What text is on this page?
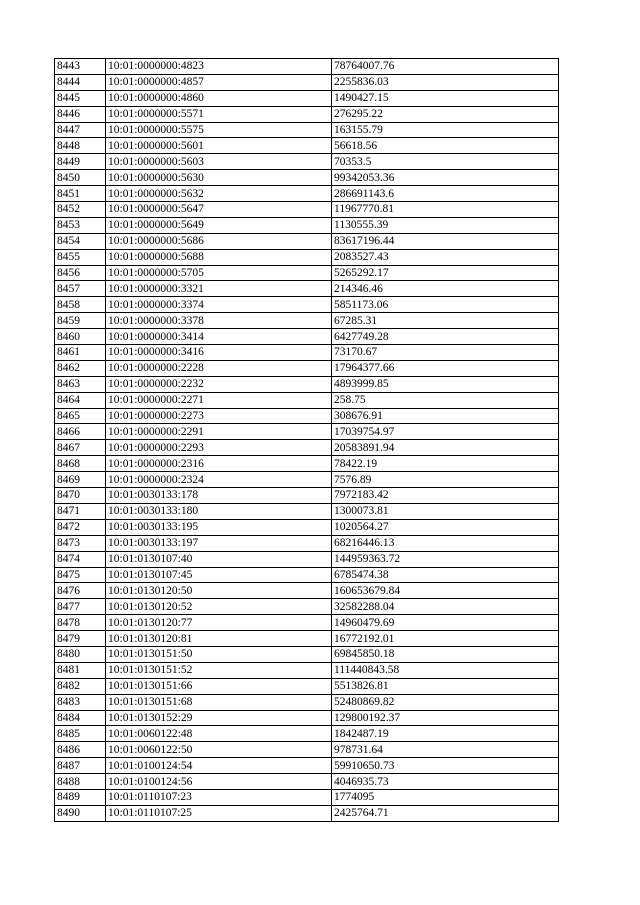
8443	10:01:0000000:4823	78764007.76
8444	10:01:0000000:4857	2255836.03
8445	10:01:0000000:4860	1490427.15
8446	10:01:0000000:5571	276295.22
8447	10:01:0000000:5575	163155.79
8448	10:01:0000000:5601	56618.56
8449	10:01:0000000:5603	70353.5
8450	10:01:0000000:5630	99342053.36
8451	10:01:0000000:5632	286691143.6
8452	10:01:0000000:5647	11967770.81
8453	10:01:0000000:5649	1130555.39
8454	10:01:0000000:5686	83617196.44
8455	10:01:0000000:5688	2083527.43
8456	10:01:0000000:5705	5265292.17
8457	10:01:0000000:3321	214346.46
8458	10:01:0000000:3374	5851173.06
8459	10:01:0000000:3378	67285.31
8460	10:01:0000000:3414	6427749.28
8461	10:01:0000000:3416	73170.67
8462	10:01:0000000:2228	17964377.66
8463	10:01:0000000:2232	4893999.85
8464	10:01:0000000:2271	258.75
8465	10:01:0000000:2273	308676.91
8466	10:01:0000000:2291	17039754.97
8467	10:01:0000000:2293	20583891.94
8468	10:01:0000000:2316	78422.19
8469	10:01:0000000:2324	7576.89
8470	10:01:0030133:178	7972183.42
8471	10:01:0030133:180	1300073.81
8472	10:01:0030133:195	1020564.27
8473	10:01:0030133:197	68216446.13
8474	10:01:0130107:40	144959363.72
8475	10:01:0130107:45	6785474.38
8476	10:01:0130120:50	160653679.84
8477	10:01:0130120:52	32582288.04
8478	10:01:0130120:77	14960479.69
8479	10:01:0130120:81	16772192.01
8480	10:01:0130151:50	69845850.18
8481	10:01:0130151:52	111440843.58
8482	10:01:0130151:66	5513826.81
8483	10:01:0130151:68	52480869.82
8484	10:01:0130152:29	129800192.37
8485	10:01:0060122:48	1842487.19
8486	10:01:0060122:50	978731.64
8487	10:01:0100124:54	59910650.73
8488	10:01:0100124:56	4046935.73
8489	10:01:0110107:23	1774095
8490	10:01:0110107:25	2425764.71
